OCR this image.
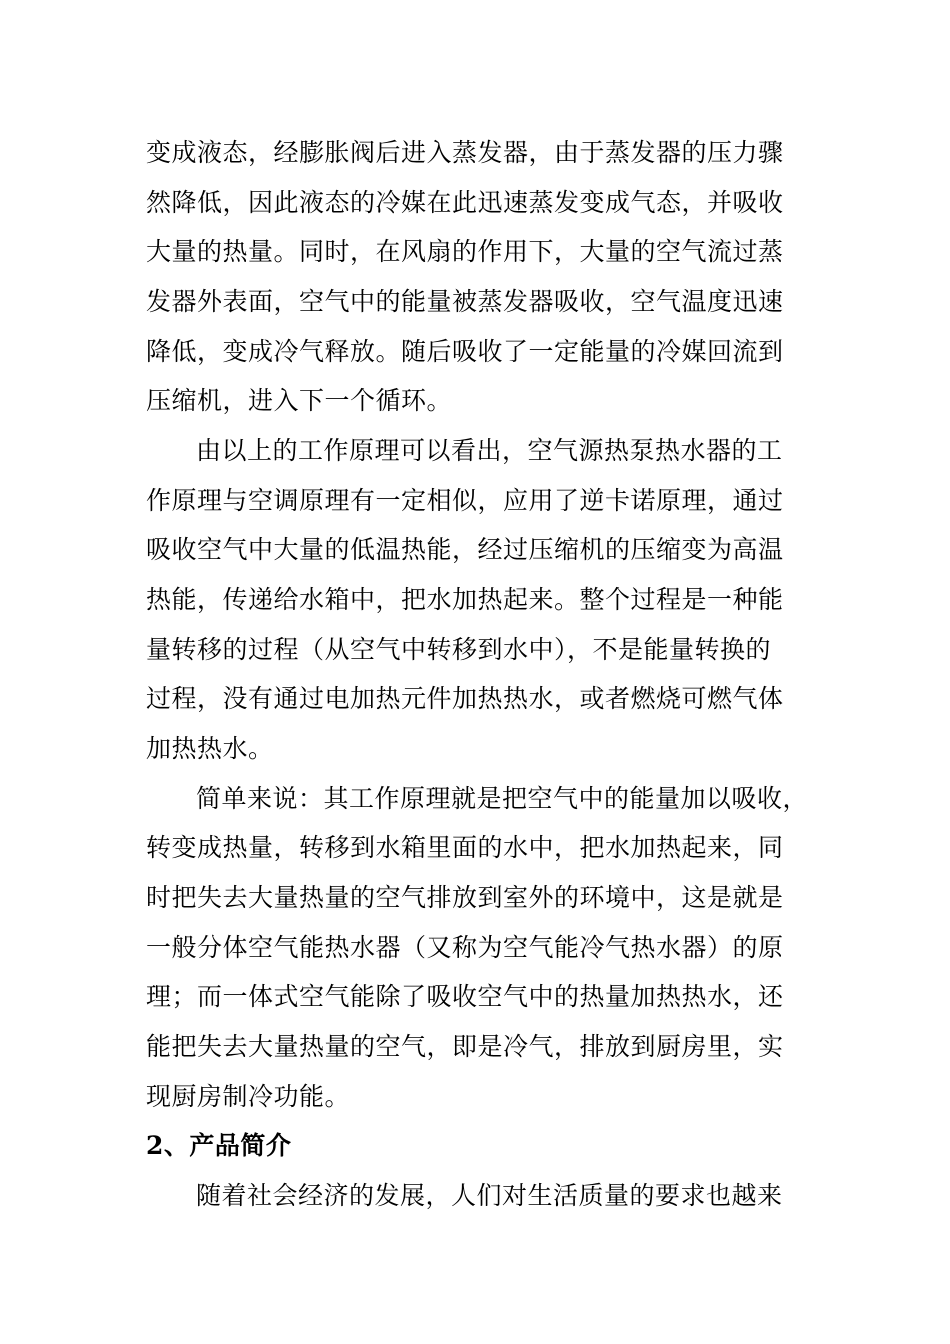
变成液态，经膨胀阀后进入蒸发器，由于蒸发器的压力骤
然降低，因此液态的冷媒在此迅速蒸发变成气态，并吸收
大量的热量。同时，在风扇的作用下，大量的空气流过蒸
发器外表面，空气中的能量被蒸发器吸收，空气温度迅速
降低，变成冷气释放。随后吸收了一定能量的冷媒回流到
压缩机，进入下一个循环。
由以上的工作原理可以看出，空气源热泵热水器的工
作原理与空调原理有一定相似，应用了逆卡诺原理，通过
吸收空气中大量的低温热能，经过压缩机的压缩变为高温
热能，传递给水箱中，把水加热起来。整个过程是一种能
量转移的过程（从空气中转移到水中），不是能量转换的
过程，没有通过电加热元件加热热水，或者燃烧可燃气体
加热热水。
简单来说：其工作原理就是把空气中的能量加以吸收，
转变成热量，转移到水箱里面的水中，把水加热起来，同
时把失去大量热量的空气排放到室外的环境中，这是就是
一般分体空气能热水器（又称为空气能冷气热水器）的原
理；而一体式空气能除了吸收空气中的热量加热热水，还
能把失去大量热量的空气，即是冷气，排放到厨房里，实
现厨房制冷功能。
2、产品简介
随着社会经济的发展，人们对生活质量的要求也越来
